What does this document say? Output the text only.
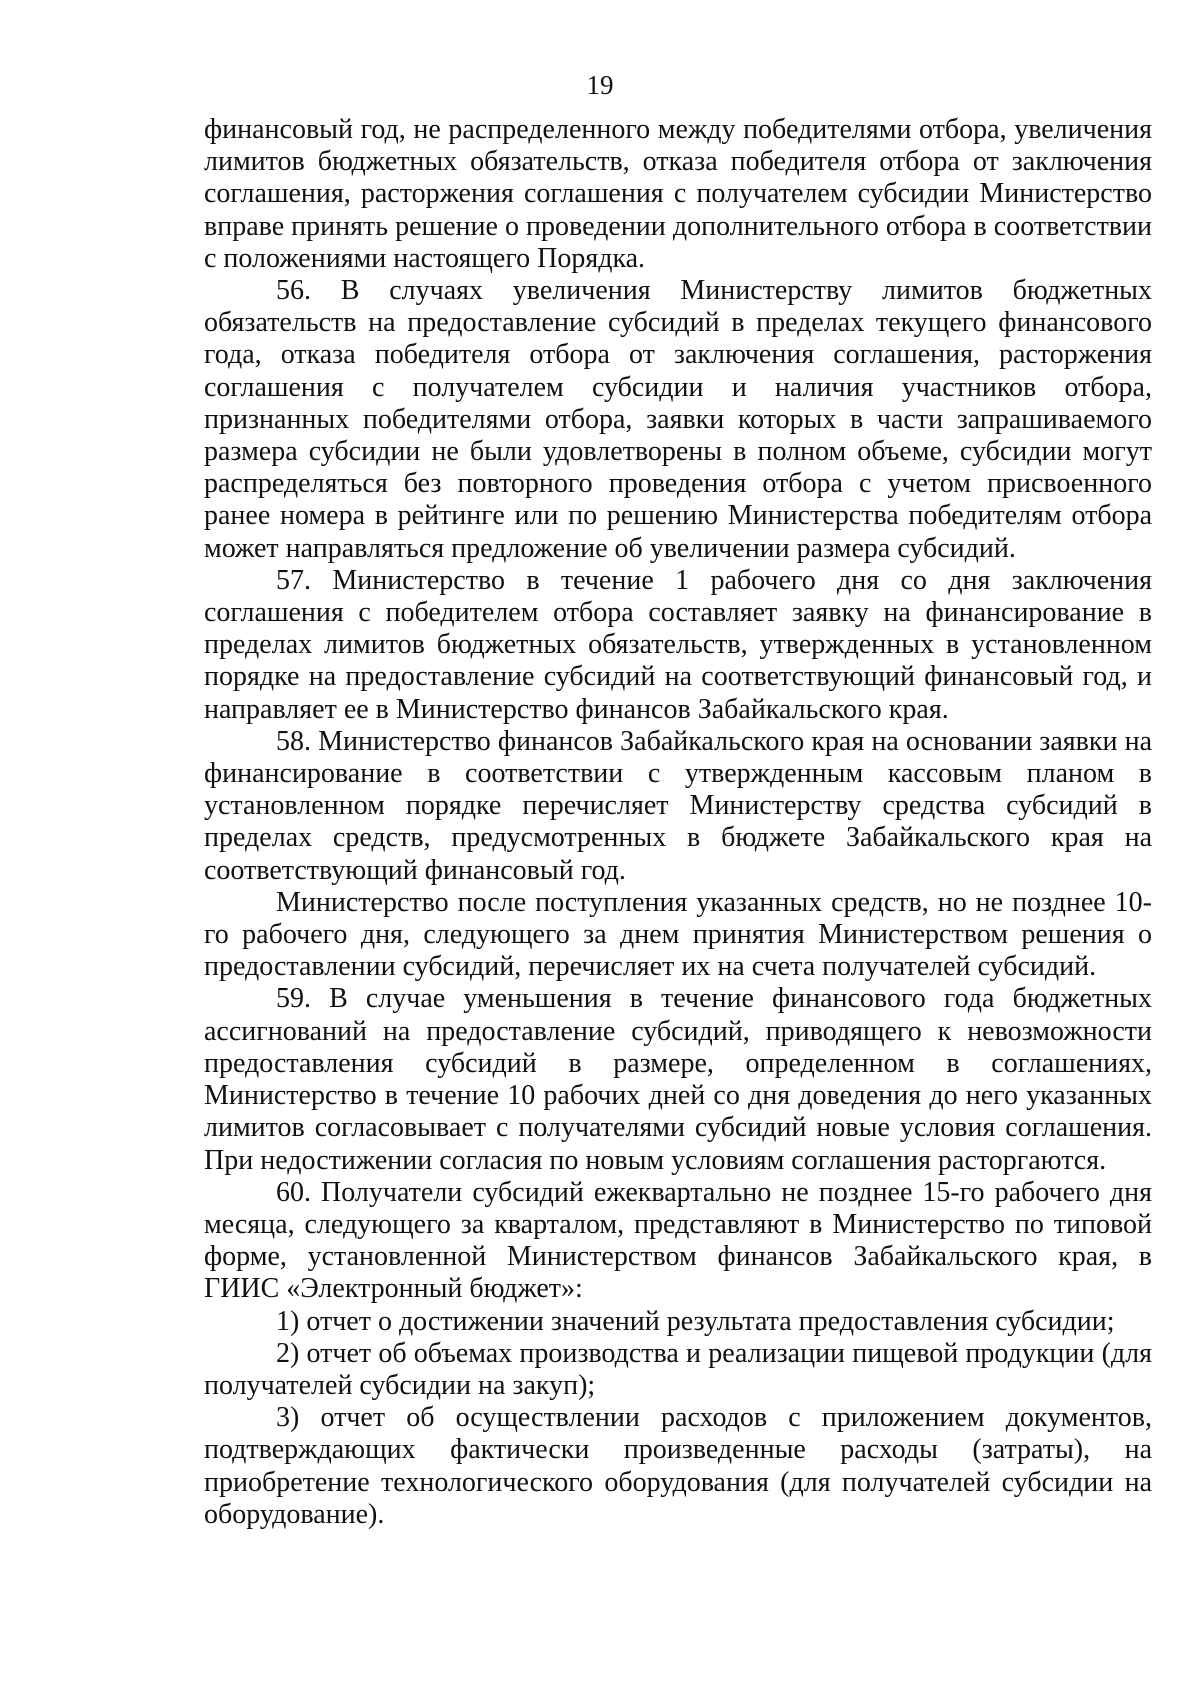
19

финансовый год, не распределенного между победителями отбора, увеличения лимитов бюджетных обязательств, отказа победителя отбора от заключения соглашения, расторжения соглашения с получателем субсидии Министерство вправе принять решение о проведении дополнительного отбора в соответствии с положениями настоящего Порядка.

56. В случаях увеличения Министерству лимитов бюджетных обязательств на предоставление субсидий в пределах текущего финансового года, отказа победителя отбора от заключения соглашения, расторжения соглашения с получателем субсидии и наличия участников отбора, признанных победителями отбора, заявки которых в части запрашиваемого размера субсидии не были удовлетворены в полном объеме, субсидии могут распределяться без повторного проведения отбора с учетом присвоенного ранее номера в рейтинге или по решению Министерства победителям отбора может направляться предложение об увеличении размера субсидий.

57. Министерство в течение 1 рабочего дня со дня заключения соглашения с победителем отбора составляет заявку на финансирование в пределах лимитов бюджетных обязательств, утвержденных в установленном порядке на предоставление субсидий на соответствующий финансовый год, и направляет ее в Министерство финансов Забайкальского края.

58. Министерство финансов Забайкальского края на основании заявки на финансирование в соответствии с утвержденным кассовым планом в установленном порядке перечисляет Министерству средства субсидий в пределах средств, предусмотренных в бюджете Забайкальского края на соответствующий финансовый год.

Министерство после поступления указанных средств, но не позднее 10-го рабочего дня, следующего за днем принятия Министерством решения о предоставлении субсидий, перечисляет их на счета получателей субсидий.

59. В случае уменьшения в течение финансового года бюджетных ассигнований на предоставление субсидий, приводящего к невозможности предоставления субсидий в размере, определенном в соглашениях, Министерство в течение 10 рабочих дней со дня доведения до него указанных лимитов согласовывает с получателями субсидий новые условия соглашения. При недостижении согласия по новым условиям соглашения расторгаются.

60. Получатели субсидий ежеквартально не позднее 15-го рабочего дня месяца, следующего за кварталом, представляют в Министерство по типовой форме, установленной Министерством финансов Забайкальского края, в ГИИС «Электронный бюджет»:

1) отчет о достижении значений результата предоставления субсидии;

2) отчет об объемах производства и реализации пищевой продукции (для получателей субсидии на закуп);

3) отчет об осуществлении расходов с приложением документов, подтверждающих фактически произведенные расходы (затраты), на приобретение технологического оборудования (для получателей субсидии на оборудование).
